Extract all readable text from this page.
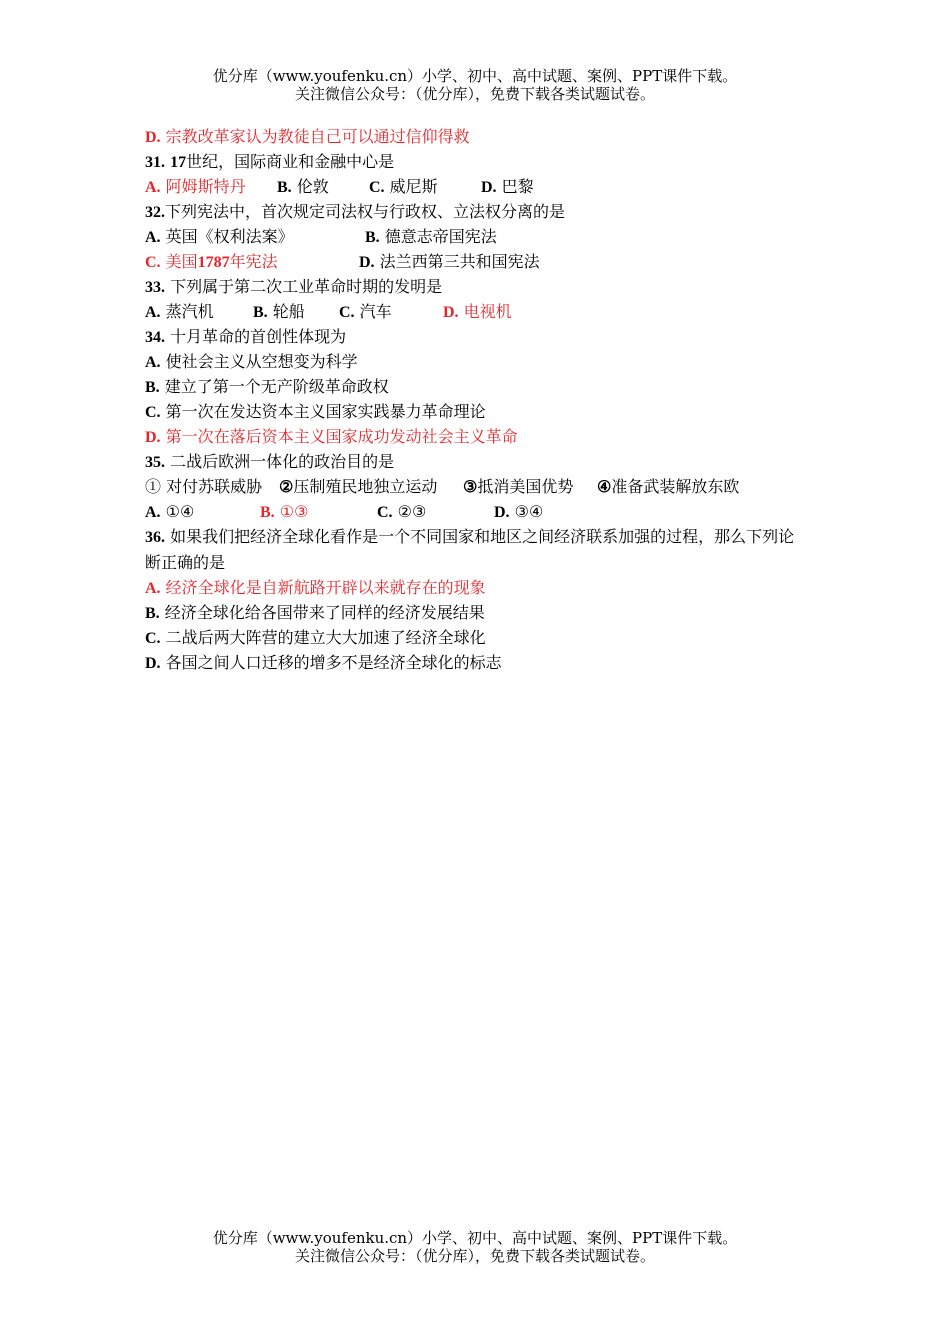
优分库（www.youfenku.cn）小学、初中、高中试题、案例、PPT课件下载。
关注微信公众号：（优分库），免费下载各类试题试卷。
D. 宗教改革家认为教徒自己可以通过信仰得救
31. 17世纪，国际商业和金融中心是
A. 阿姆斯特丹 B. 伦敦	C. 威尼斯	D. 巴黎
32.下列宪法中，首次规定司法权与行政权、立法权分离的是
A. 英国《权利法案》	B. 德意志帝国宪法
C. 美国1787年宪法	D. 法兰西第三共和国宪法
33. 下列属于第二次工业革命时期的发明是
A. 蒸汽机 B. 轮船 C. 汽车	D. 电视机
34. 十月革命的首创性体现为
A. 使社会主义从空想变为科学
B. 建立了第一个无产阶级革命政权
C. 第一次在发达资本主义国家实践暴力革命理论
D. 第一次在落后资本主义国家成功发动社会主义革命
35. 二战后欧洲一体化的政治目的是
① 对付苏联威胁 ②压制殖民地独立运动 ③抵消美国优势 ④准备武装解放东欧
A. ①④	B. ①③	C. ②③	D. ③④
36. 如果我们把经济全球化看作是一个不同国家和地区之间经济联系加强的过程，那么下列论断正确的是
A. 经济全球化是自新航路开辟以来就存在的现象
B. 经济全球化给各国带来了同样的经济发展结果
C. 二战后两大阵营的建立大大加速了经济全球化
D. 各国之间人口迁移的增多不是经济全球化的标志
优分库（www.youfenku.cn）小学、初中、高中试题、案例、PPT课件下载。
关注微信公众号：（优分库），免费下载各类试题试卷。
